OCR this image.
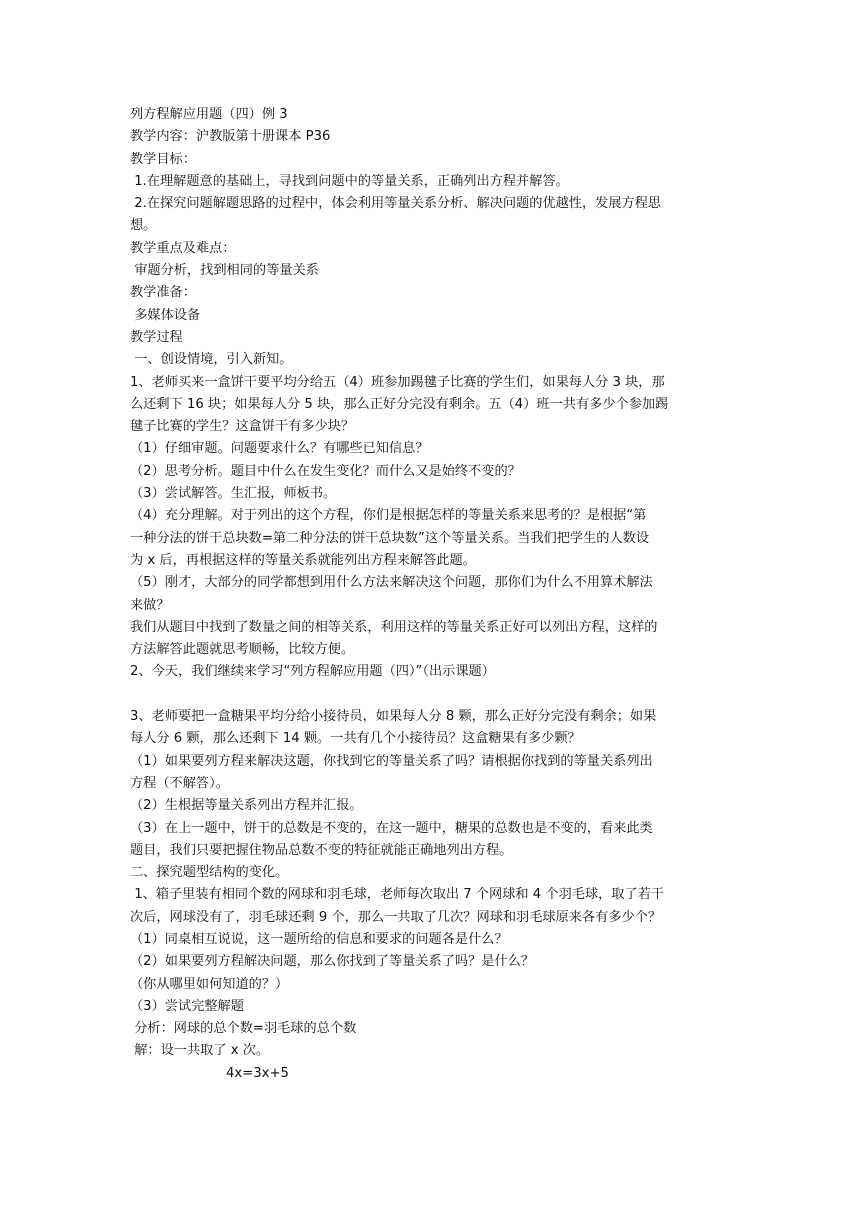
列方程解应用题（四）例 3

教学内容：沪教版第十册课本 P36

教学目标：

1.在理解题意的基础上，寻找到问题中的等量关系，正确列出方程并解答。

2.在探究问题解题思路的过程中，体会利用等量关系分析、解决问题的优越性，发展方程思

想。

教学重点及难点：

审题分析，找到相同的等量关系

教学准备：

多媒体设备

教学过程

一、创设情境，引入新知。

1、老师买来一盒饼干要平均分给五（4）班参加踢毽子比赛的学生们，如果每人分 3 块，那

么还剩下 16 块；如果每人分 5 块，那么正好分完没有剩余。五（4）班一共有多少个参加踢

毽子比赛的学生？这盒饼干有多少块？

（1）仔细审题。问题要求什么？有哪些已知信息？

（2）思考分析。题目中什么在发生变化？而什么又是始终不变的？

（3）尝试解答。生汇报，师板书。

（4）充分理解。对于列出的这个方程，你们是根据怎样的等量关系来思考的？是根据“第

一种分法的饼干总块数=第二种分法的饼干总块数”这个等量关系。当我们把学生的人数设

为 x 后，再根据这样的等量关系就能列出方程来解答此题。

（5）刚才，大部分的同学都想到用什么方法来解决这个问题，那你们为什么不用算术解法

来做？

我们从题目中找到了数量之间的相等关系，利用这样的等量关系正好可以列出方程，这样的

方法解答此题就思考顺畅，比较方便。

2、今天，我们继续来学习“列方程解应用题（四）”（出示课题）

3、老师要把一盒糖果平均分给小接待员，如果每人分 8 颗，那么正好分完没有剩余；如果

每人分 6 颗，那么还剩下 14 颗。一共有几个小接待员？这盒糖果有多少颗？

（1）如果要列方程来解决这题，你找到它的等量关系了吗？请根据你找到的等量关系列出

方程（不解答）。

（2）生根据等量关系列出方程并汇报。

（3）在上一题中，饼干的总数是不变的，在这一题中，糖果的总数也是不变的，看来此类

题目，我们只要把握住物品总数不变的特征就能正确地列出方程。

二、探究题型结构的变化。

1、箱子里装有相同个数的网球和羽毛球，老师每次取出 7 个网球和 4 个羽毛球，取了若干

次后，网球没有了，羽毛球还剩 9 个，那么一共取了几次？网球和羽毛球原来各有多少个？

（1）同桌相互说说，这一题所给的信息和要求的问题各是什么？

（2）如果要列方程解决问题，那么你找到了等量关系了吗？是什么？

（你从哪里如何知道的？）

（3）尝试完整解题

分析：网球的总个数=羽毛球的总个数

解：设一共取了 x 次。

4x=3x+5
